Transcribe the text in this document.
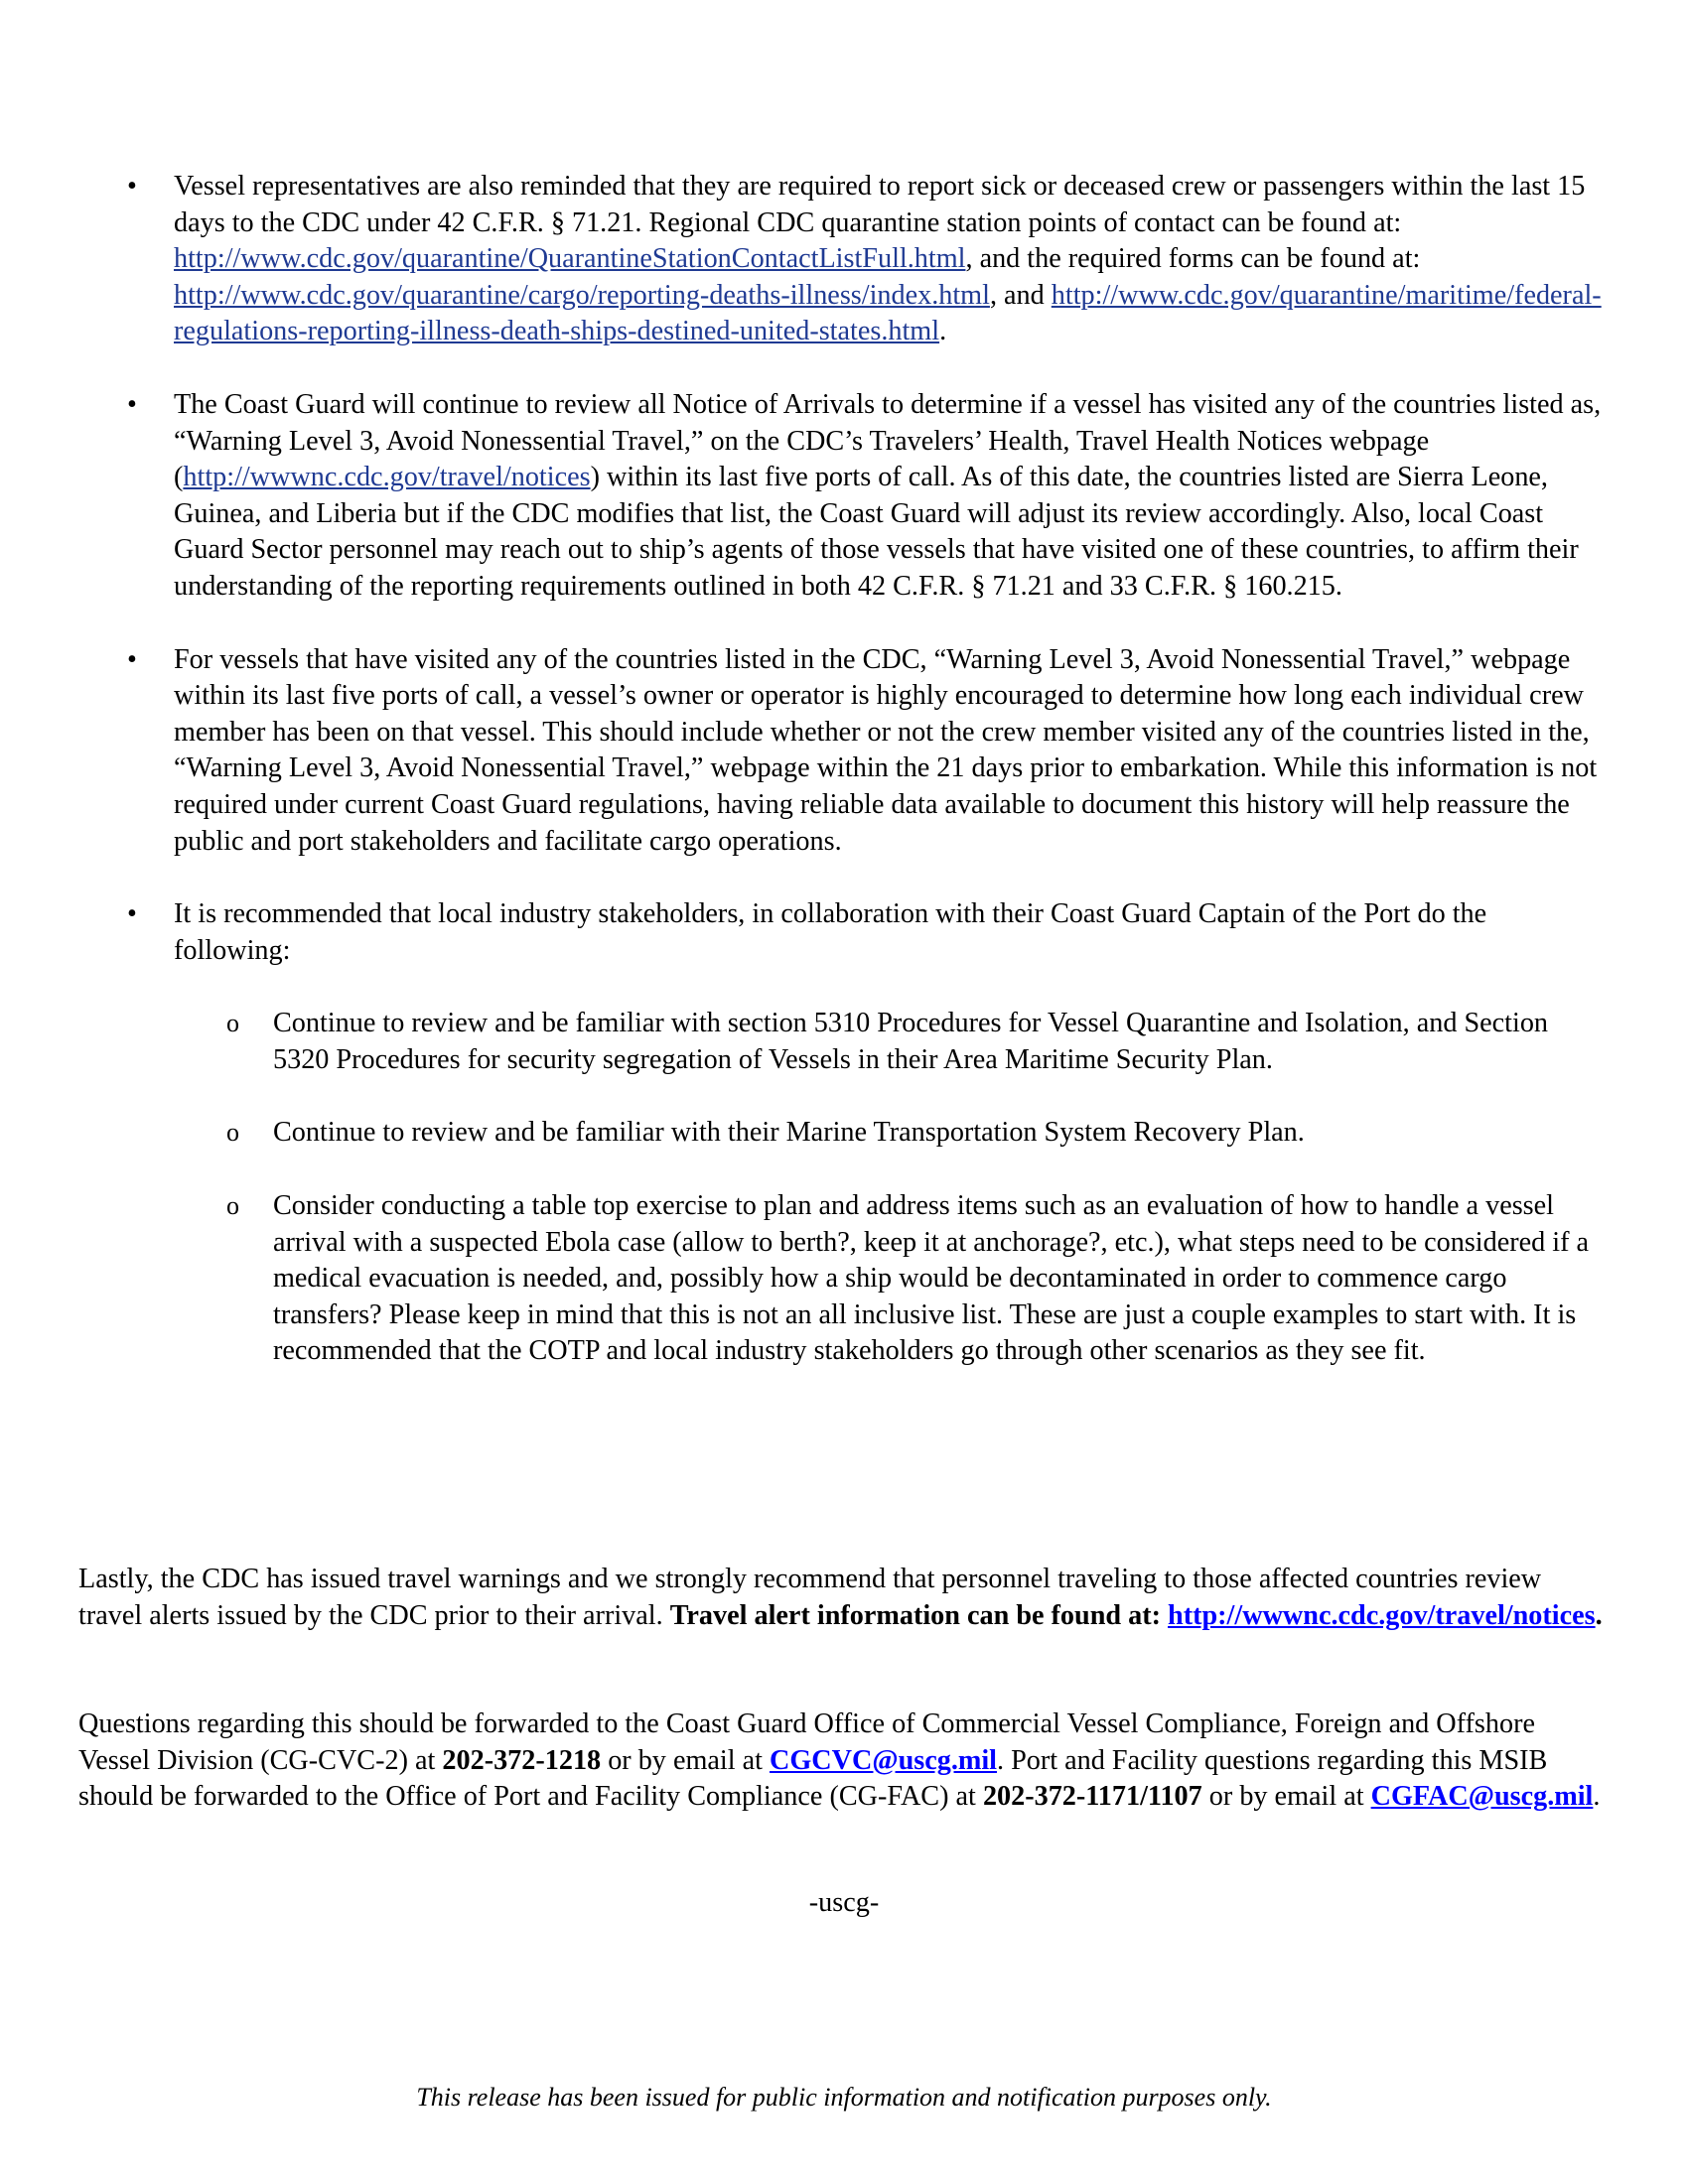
• Vessel representatives are also reminded that they are required to report sick or deceased crew or passengers within the last 15 days to the CDC under 42 C.F.R. § 71.21. Regional CDC quarantine station points of contact can be found at: http://www.cdc.gov/quarantine/QuarantineStationContactListFull.html, and the required forms can be found at: http://www.cdc.gov/quarantine/cargo/reporting-deaths-illness/index.html, and http://www.cdc.gov/quarantine/maritime/federal-regulations-reporting-illness-death-ships-destined-united-states.html.
• The Coast Guard will continue to review all Notice of Arrivals to determine if a vessel has visited any of the countries listed as, “Warning Level 3, Avoid Nonessential Travel,” on the CDC’s Travelers’ Health, Travel Health Notices webpage (http://wwwnc.cdc.gov/travel/notices) within its last five ports of call. As of this date, the countries listed are Sierra Leone, Guinea, and Liberia but if the CDC modifies that list, the Coast Guard will adjust its review accordingly. Also, local Coast Guard Sector personnel may reach out to ship’s agents of those vessels that have visited one of these countries, to affirm their understanding of the reporting requirements outlined in both 42 C.F.R. § 71.21 and 33 C.F.R. § 160.215.
• For vessels that have visited any of the countries listed in the CDC, “Warning Level 3, Avoid Nonessential Travel,” webpage within its last five ports of call, a vessel’s owner or operator is highly encouraged to determine how long each individual crew member has been on that vessel. This should include whether or not the crew member visited any of the countries listed in the, “Warning Level 3, Avoid Nonessential Travel,” webpage within the 21 days prior to embarkation. While this information is not required under current Coast Guard regulations, having reliable data available to document this history will help reassure the public and port stakeholders and facilitate cargo operations.
• It is recommended that local industry stakeholders, in collaboration with their Coast Guard Captain of the Port do the following:
o Continue to review and be familiar with section 5310 Procedures for Vessel Quarantine and Isolation, and Section 5320 Procedures for security segregation of Vessels in their Area Maritime Security Plan.
o Continue to review and be familiar with their Marine Transportation System Recovery Plan.
o Consider conducting a table top exercise to plan and address items such as an evaluation of how to handle a vessel arrival with a suspected Ebola case (allow to berth?, keep it at anchorage?, etc.), what steps need to be considered if a medical evacuation is needed, and, possibly how a ship would be decontaminated in order to commence cargo transfers? Please keep in mind that this is not an all inclusive list. These are just a couple examples to start with. It is recommended that the COTP and local industry stakeholders go through other scenarios as they see fit.

Lastly, the CDC has issued travel warnings and we strongly recommend that personnel traveling to those affected countries review travel alerts issued by the CDC prior to their arrival. Travel alert information can be found at: http://wwwnc.cdc.gov/travel/notices.

Questions regarding this should be forwarded to the Coast Guard Office of Commercial Vessel Compliance, Foreign and Offshore Vessel Division (CG-CVC-2) at 202-372-1218 or by email at CGCVC@uscg.mil. Port and Facility questions regarding this MSIB should be forwarded to the Office of Port and Facility Compliance (CG-FAC) at 202-372-1171/1107 or by email at CGFAC@uscg.mil.

-uscg-

This release has been issued for public information and notification purposes only.
